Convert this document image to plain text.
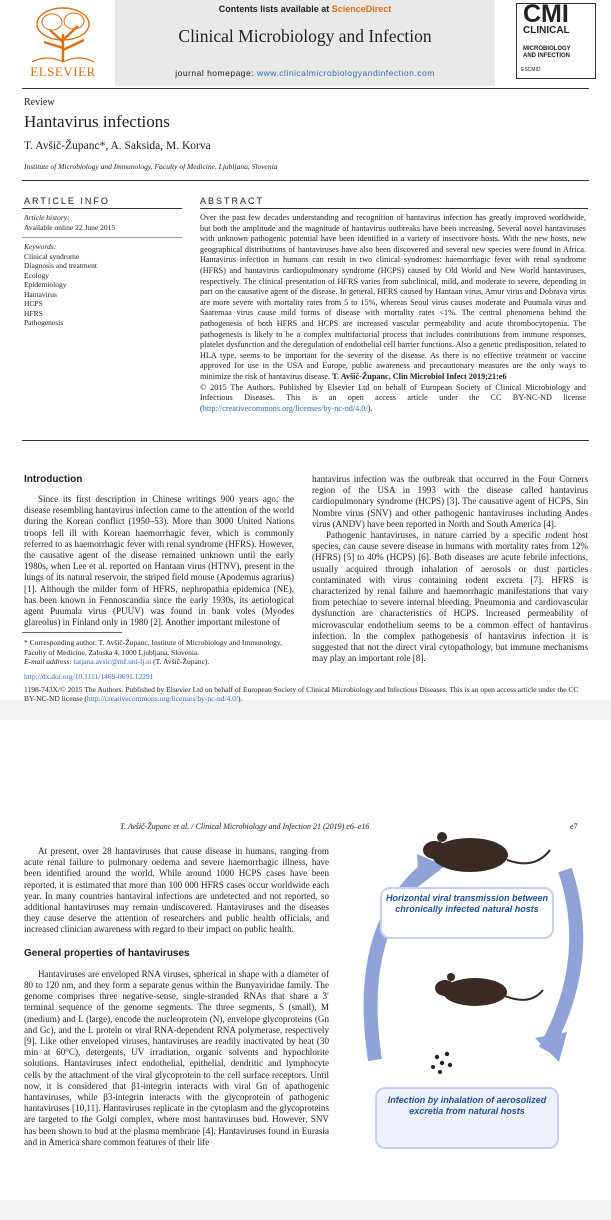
Contents lists available at ScienceDirect
Clinical Microbiology and Infection
journal homepage: www.clinicalmicrobiologyandinfection.com
ELSEVIER
CMI
CLINICAL
MICROBIOLOGY
AND INFECTION
ESCMID
Review
Hantavirus infections
T. Avšič-Županc*, A. Saksida, M. Korva
Institute of Microbiology and Immunology, Faculty of Medicine, Ljubljana, Slovenia
ARTICLE INFO
Article history:
Available online 22 June 2015
Keywords:
Clinical syndrome
Diagnosis and treatment
Ecology
Epidemiology
Hantavirus
HCPS
HFRS
Pathogenesis
ABSTRACT
Over the past few decades understanding and recognition of hantavirus infection has greatly improved worldwide, but both the amplitude and the magnitude of hantavirus outbreaks have been increasing. Several novel hantaviruses with unknown pathogenic potential have been identified in a variety of insectivore hosts. With the new hosts, new geographical distributions of hantaviruses have also been discovered and several new species were found in Africa. Hantavirus infection in humans can result in two clinical syndromes: haemorrhagic fever with renal syndrome (HFRS) and hantavirus cardiopulmonary syndrome (HCPS) caused by Old World and New World hantaviruses, respectively. The clinical presentation of HFRS varies from subclinical, mild, and moderate to severe, depending in part on the causative agent of the disease. In general, HFRS caused by Hantaan virus, Amur virus and Dobrava virus are more severe with mortality rates from 5 to 15%, whereas Seoul virus causes moderate and Puumala virus and Saaremaa virus cause mild forms of disease with mortality rates <1%. The central phenomena behind the pathogenesis of both HFRS and HCPS are increased vascular permeability and acute thrombocytopenia. The pathogenesis is likely to be a complex multifactorial process that includes contributions from immune responses, platelet dysfunction and the deregulation of endothelial cell barrier functions. Also a genetic predisposition, related to HLA type, seems to be important for the severity of the disease. As there is no effective treatment or vaccine approved for use in the USA and Europe, public awareness and precautionary measures are the only ways to minimize the risk of hantavirus disease. T. Avšič-Županc, Clin Microbiol Infect 2019;21:e6
© 2015 The Authors. Published by Elsevier Ltd on behalf of European Society of Clinical Microbiology and Infectious Diseases. This is an open access article under the CC BY-NC-ND license (http://creativecommons.org/licenses/by-nc-nd/4.0/).
Introduction

Since its first description in Chinese writings 900 years ago, the disease resembling hantavirus infection came to the attention of the world during the Korean conflict (1950–53). More than 3000 United Nations troops fell ill with Korean haemorrhagic fever, which is commonly referred to as haemorrhagic fever with renal syndrome (HFRS). However, the causative agent of the disease remained unknown until the early 1980s, when Lee et al. reported on Hantaan virus (HTNV), present in the lungs of its natural reservoir, the striped field mouse (Apodemus agrarius) [1]. Although the milder form of HFRS, nephropathia epidemica (NE), has been known in Fennoscandia since the early 1930s, its aetiological agent Puumala virus (PUUV) was found in bank voles (Myodes glareolus) in Finland only in 1980 [2]. Another important milestone of

hantavirus infection was the outbreak that occurred in the Four Corners region of the USA in 1993 with the disease called hantavirus cardiopulmonary syndrome (HCPS) [3]. The causative agent of HCPS, Sin Nombre virus (SNV) and other pathogenic hantaviruses including Andes virus (ANDV) have been reported in North and South America [4].

Pathogenic hantaviruses, in nature carried by a specific rodent host species, can cause severe disease in humans with mortality rates from 12% (HFRS) [5] to 40% (HCPS) [6]. Both diseases are acute febrile infections, usually acquired through inhalation of aerosols or dust particles contaminated with virus containing rodent excreta [7]. HFRS is characterized by renal failure and haemorrhagic manifestations that vary from petechiae to severe internal bleeding. Pneumonia and cardiovascular dysfunction are characteristics of HCPS. Increased permeability of microvascular endothelium seems to be a common effect of hantavirus infection. In the complex pathogenesis of hantavirus infection it is suggested that not the direct viral cytopathology, but immune mechanisms may play an important role [8].

* Corresponding author. T. Avšič-Županc, Institute of Microbiology and Immunology, Faculty of Medicine, Zaloska 4, 1000 Ljubljana, Slovenia.
E-mail address: tatjana.avsic@mf.uni-lj.si (T. Avšič-Županc).
http://dx.doi.org/10.1111/1469-0691.12291
1198-743X/© 2015 The Authors. Published by Elsevier Ltd on behalf of European Society of Clinical Microbiology and Infectious Diseases. This is an open access article under the CC BY-NC-ND license (http://creativecommons.org/licenses/by-nc-nd/4.0/).
T. Avšič-Županc et al. / Clinical Microbiology and Infection 21 (2019) e6–e16	e7

At present, over 28 hantaviruses that cause disease in humans, ranging from acute renal failure to pulmonary oedema and severe haemorrhagic illness, have been identified around the world. While around 1000 HCPS cases have been reported, it is estimated that more than 100 000 HFRS cases occur worldwide each year. In many countries hantaviral infections are undetected and not reported, so additional hantaviruses may remain undiscovered. Hantaviruses and the diseases they cause deserve the attention of researchers and public health officials, and increased clinician awareness with regard to their impact on public health.

General properties of hantaviruses

Hantaviruses are enveloped RNA viruses, spherical in shape with a diameter of 80 to 120 nm, and they form a separate genus within the Bunyaviridae family. The genome comprises three negative-sense, single-stranded RNAs that share a 3′ terminal sequence of the genome segments. The three segments, S (small), M (medium) and L (large), encode the nucleoprotein (N), envelope glycoproteins (Gn and Gc), and the L protein or viral RNA-dependent RNA polymerase, respectively [9]. Like other enveloped viruses, hantaviruses are readily inactivated by heat (30 min at 60°C), detergents, UV irradiation, organic solvents and hypochlorite solutions. Hantaviruses infect endothelial, epithelial, dendritic and lymphocyte cells by the attachment of the viral glycoprotein to the cell surface receptors. Until now, it is considered that β1-integrin interacts with viral Gn of apathogenic hantaviruses, while β3-integrin interacts with the glycoprotein of pathogenic hantaviruses [10,11]. Hantaviruses replicate in the cytoplasm and the glycoproteins are targeted to the Golgi complex, where most hantaviruses bud. However, SNV has been shown to bud at the plasma membrane [4]. Hantaviruses found in Eurasia and in America share common features of their life

Horizontal viral transmission between chronically infected natural hosts
Infection by inhalation of aerosolized excretia from natural hosts
